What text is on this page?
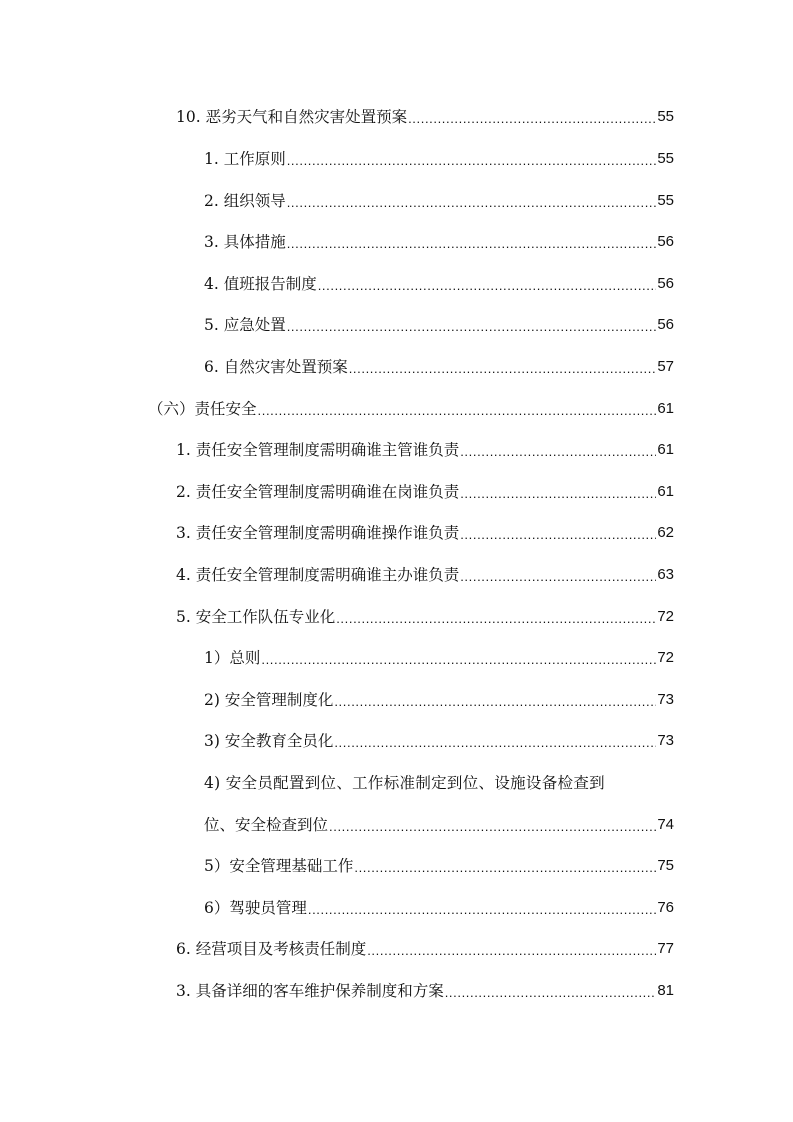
10. 恶劣天气和自然灾害处置预案 .....	55
1. 工作原则 .....	55
2. 组织领导 .....	55
3. 具体措施 .....	56
4. 值班报告制度 .....	56
5. 应急处置 .....	56
6. 自然灾害处置预案 .....	57
（六）责任安全 .....	61
1. 责任安全管理制度需明确谁主管谁负责 .....	61
2. 责任安全管理制度需明确谁在岗谁负责 .....	61
3. 责任安全管理制度需明确谁操作谁负责 .....	62
4. 责任安全管理制度需明确谁主办谁负责 .....	63
5. 安全工作队伍专业化 .....	72
1）总则 .....	72
2) 安全管理制度化 .....	73
3) 安全教育全员化 .....	73
4) 安全员配置到位、工作标准制定到位、设施设备检查到
位、安全检查到位 .....	74
5）安全管理基础工作 .....	75
6）驾驶员管理 .....	76
6. 经营项目及考核责任制度 .....	77
3. 具备详细的客车维护保养制度和方案 .....	81
